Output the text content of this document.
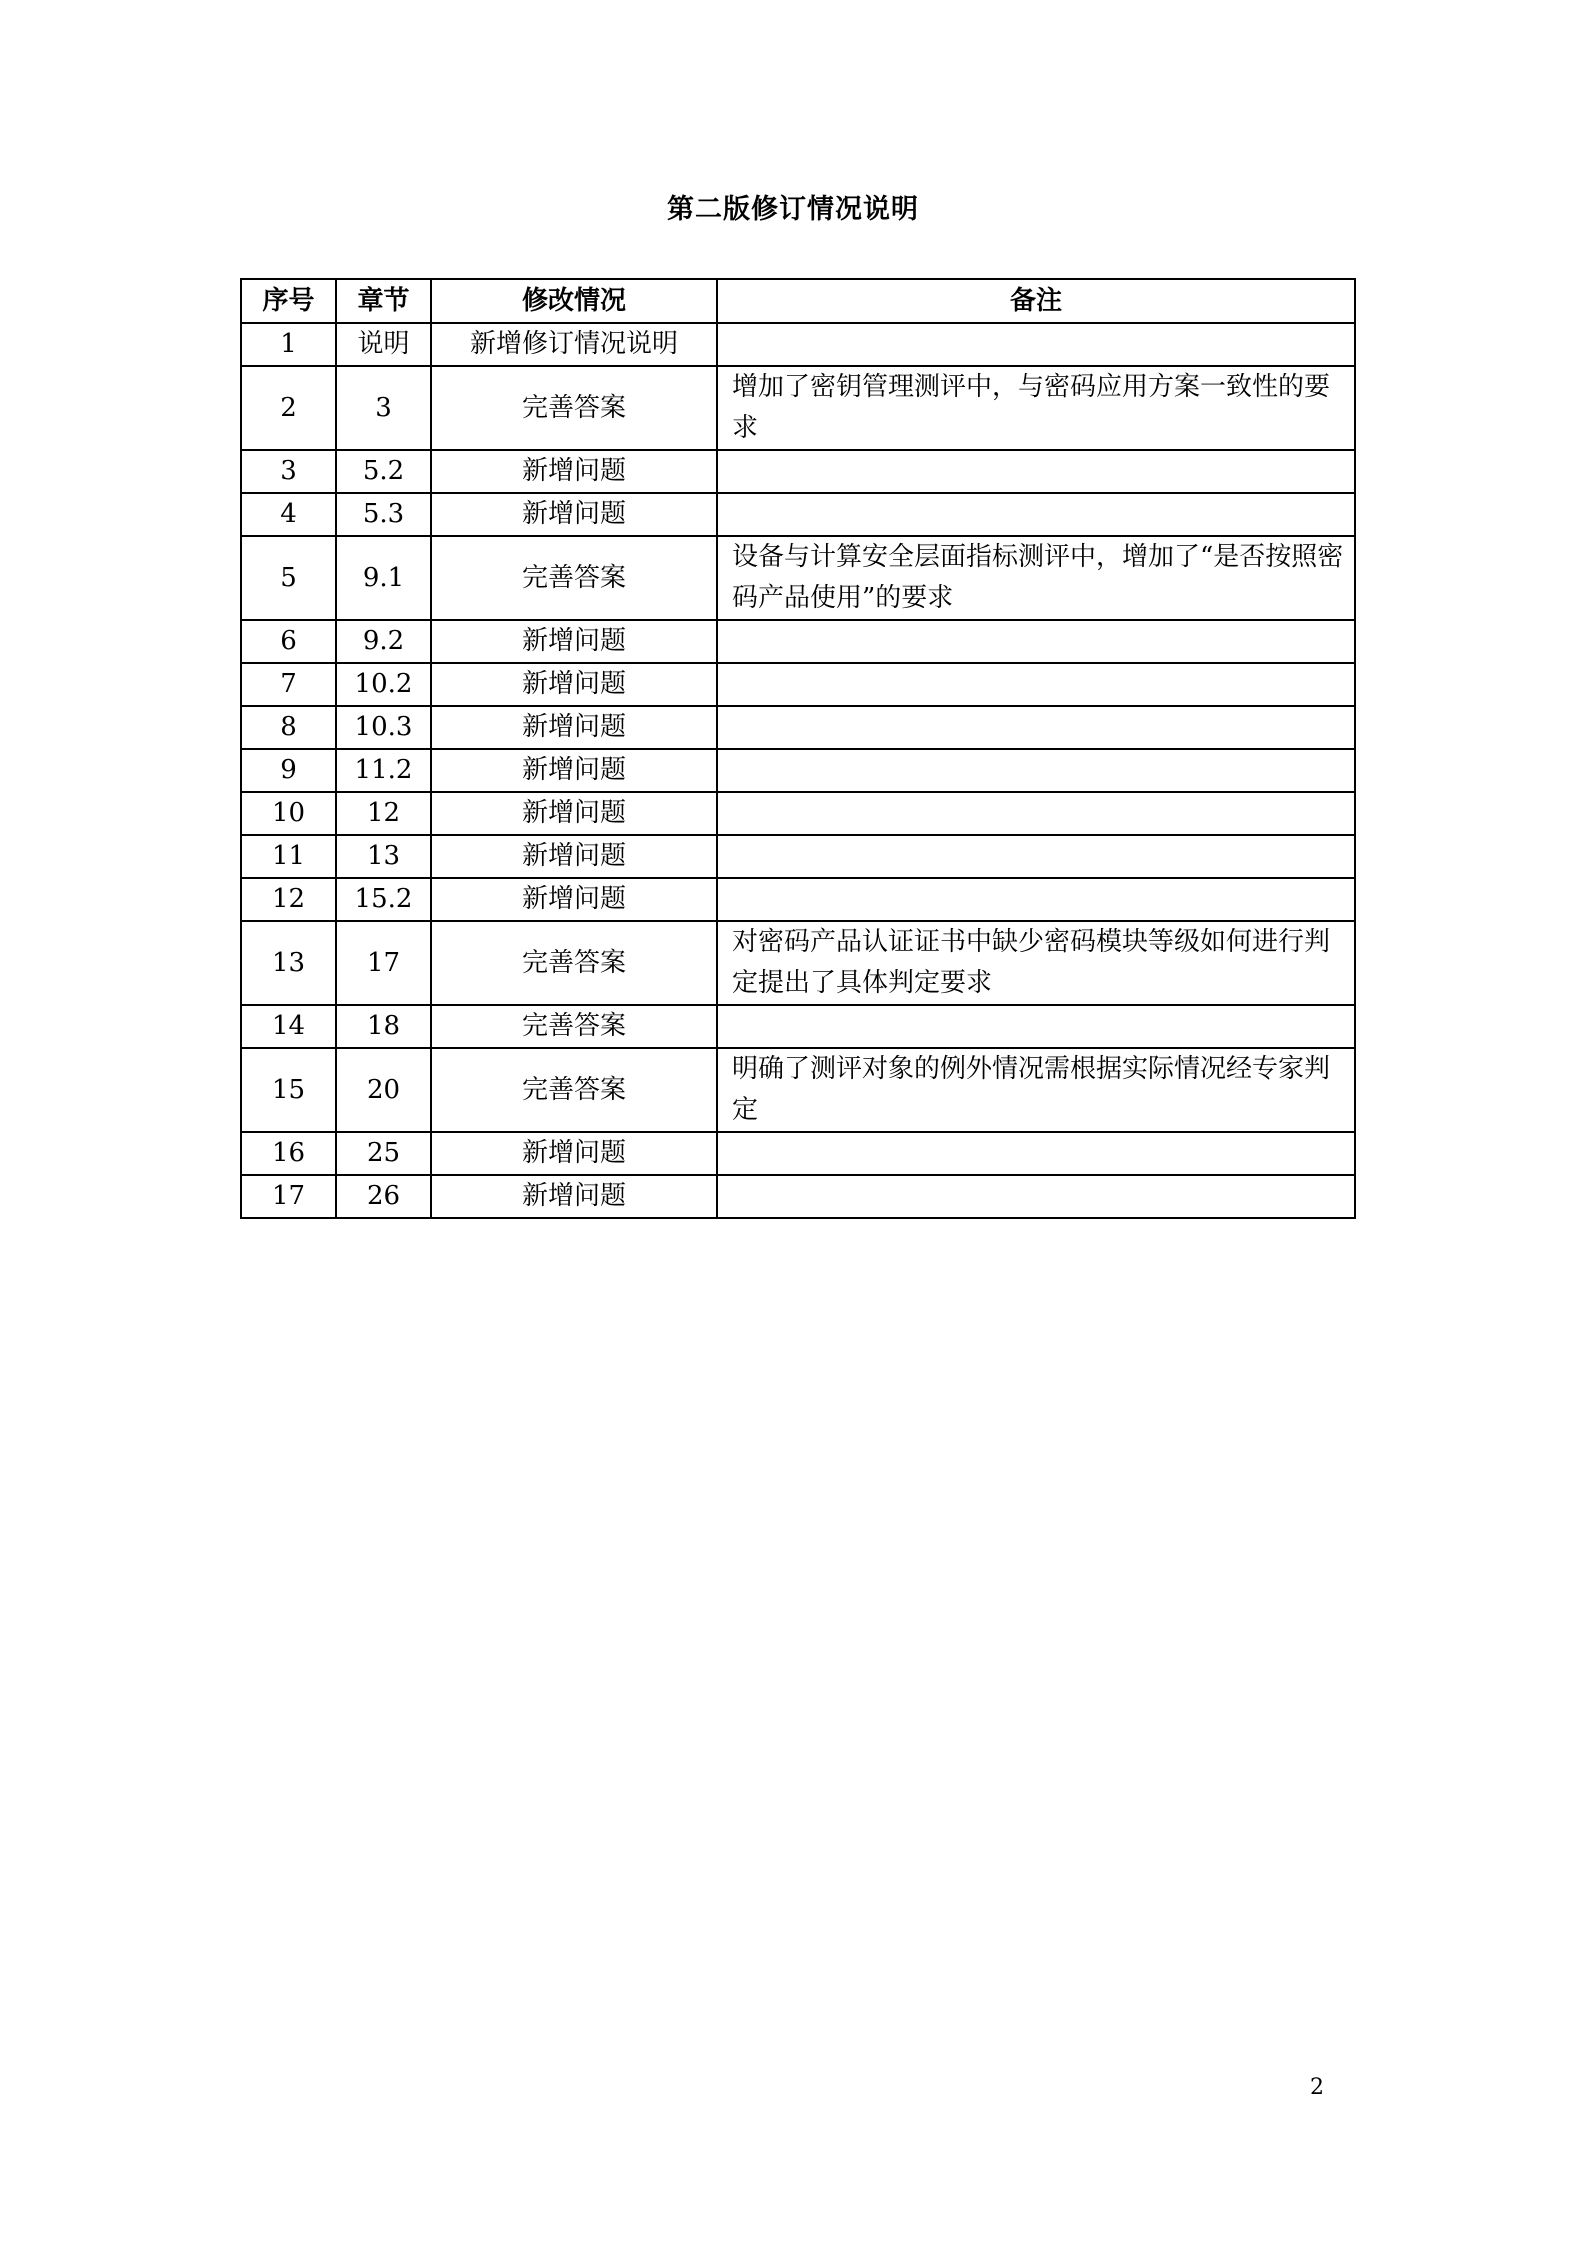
第二版修订情况说明
序号	章节	修改情况	备注
1	说明	新增修订情况说明	
2	3	完善答案	增加了密钥管理测评中，与密码应用方案一致性的要求
3	5.2	新增问题	
4	5.3	新增问题	
5	9.1	完善答案	设备与计算安全层面指标测评中，增加了“是否按照密码产品使用”的要求
6	9.2	新增问题	
7	10.2	新增问题	
8	10.3	新增问题	
9	11.2	新增问题	
10	12	新增问题	
11	13	新增问题	
12	15.2	新增问题	
13	17	完善答案	对密码产品认证证书中缺少密码模块等级如何进行判定提出了具体判定要求
14	18	完善答案	
15	20	完善答案	明确了测评对象的例外情况需根据实际情况经专家判定
16	25	新增问题	
17	26	新增问题	
2
